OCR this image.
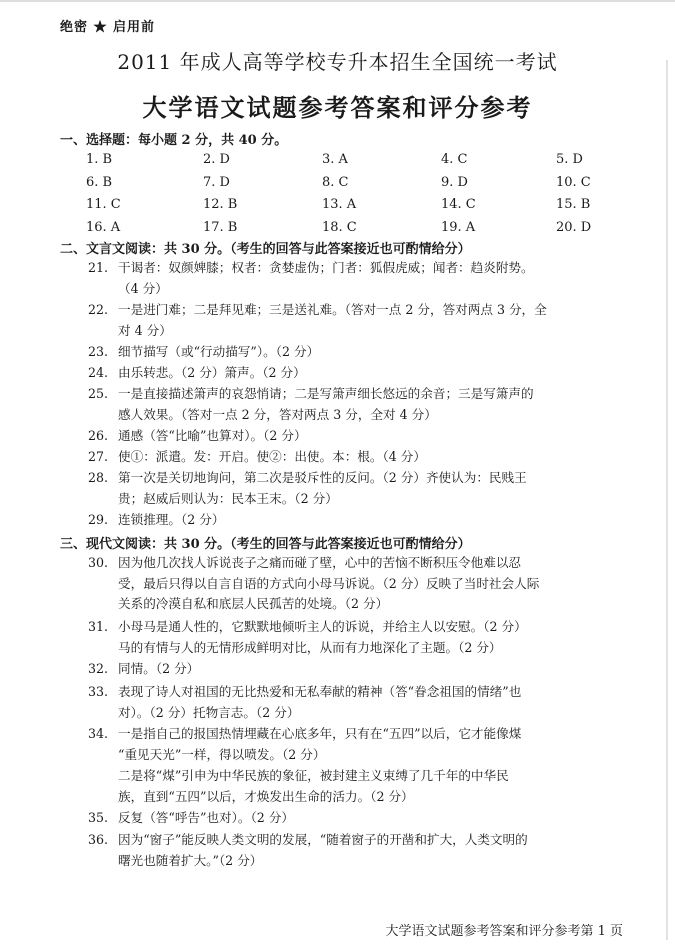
绝密 ★ 启用前
2011 年成人高等学校专升本招生全国统一考试
大学语文试题参考答案和评分参考
一、选择题：每小题 2 分，共 40 分。
1. B	2. D	3. A	4. C	5. D
6. B	7. D	8. C	9. D	10. C
11. C	12. B	13. A	14. C	15. B
16. A	17. B	18. C	19. A	20. D
二、文言文阅读：共 30 分。（考生的回答与此答案接近也可酌情给分）
21. 干谒者：奴颜婢膝；权者：贪婪虚伪；门者：狐假虎威；闻者：趋炎附势。
（4 分）
22. 一是进门难；二是拜见难；三是送礼难。（答对一点 2 分，答对两点 3 分，全
对 4 分）
23. 细节描写（或“行动描写”）。（2 分）
24. 由乐转悲。（2 分）箫声。（2 分）
25. 一是直接描述箫声的哀怨悄请；二是写箫声细长悠远的余音；三是写箫声的
感人效果。（答对一点 2 分，答对两点 3 分，全对 4 分）
26. 通感（答“比喻”也算对）。（2 分）
27. 使①：派遣。发：开启。使②：出使。本：根。（4 分）
28. 第一次是关切地询问，第二次是驳斥性的反问。（2 分）齐使认为：民贱王
贵；赵威后则认为：民本王末。（2 分）
29. 连锁推理。（2 分）
三、现代文阅读：共 30 分。（考生的回答与此答案接近也可酌情给分）
30. 因为他几次找人诉说丧子之痛而碰了壁，心中的苦恼不断积压令他难以忍
受，最后只得以自言自语的方式向小母马诉说。（2 分）反映了当时社会人际
关系的冷漠自私和底层人民孤苦的处境。（2 分）
31. 小母马是通人性的，它默默地倾听主人的诉说，并给主人以安慰。（2 分）
马的有情与人的无情形成鲜明对比，从而有力地深化了主题。（2 分）
32. 同情。（2 分）
33. 表现了诗人对祖国的无比热爱和无私奉献的精神（答“眷念祖国的情绪”也
对）。（2 分）托物言志。（2 分）
34. 一是指自己的报国热情埋藏在心底多年，只有在“五四”以后，它才能像煤
“重见天光”一样，得以喷发。（2 分）
二是将“煤”引申为中华民族的象征，被封建主义束缚了几千年的中华民
族，直到“五四”以后，才焕发出生命的活力。（2 分）
35. 反复（答“呼告”也对）。（2 分）
36. 因为“窗子”能反映人类文明的发展，“随着窗子的开凿和扩大，人类文明的
曙光也随着扩大。”（2 分）
大学语文试题参考答案和评分参考第 1 页
